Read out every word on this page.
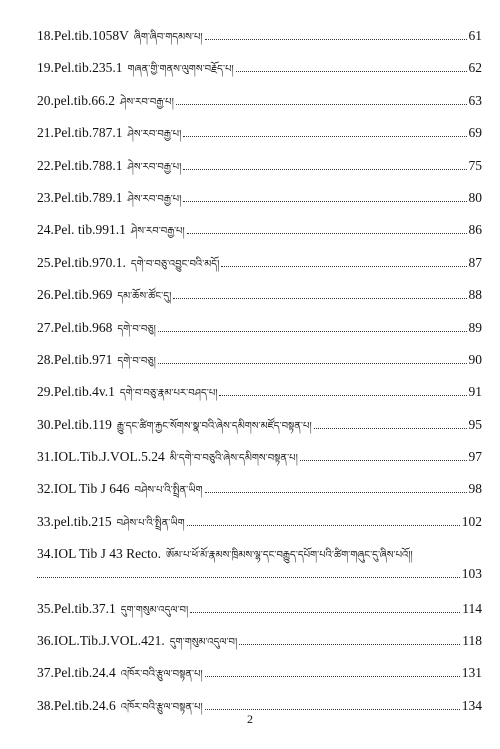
18.Pel.tib.1058V ཞིག་ཞིབ་གདམས་པ།	61
19.Pel.tib.235.1 གཞན་གྱི་གནས་ལུགས་བརྗོད་པ།	62
20.pel.tib.66.2 ཤེས་རབ་བརྒྱ་པ།	63
21.Pel.tib.787.1 ཤེས་རབ་བརྒྱ་པ།	69
22.Pel.tib.788.1 ཤེས་རབ་བརྒྱ་པ།	75
23.Pel.tib.789.1 ཤེས་རབ་བརྒྱ་པ།	80
24.Pel. tib.991.1 ཤེས་རབ་བརྒྱ་པ།	86
25.Pel.tib.970.1. དགེ་བ་བཅུ་འབྱུང་བའི་མདོ།	87
26.Pel.tib.969 དམ་ཆོས་ཚོང་དུ།	88
27.Pel.tib.968 དགེ་བ་བཅུ།	89
28.Pel.tib.971 དགེ་བ་བཅུ།	90
29.Pel.tib.4v.1 དགེ་བ་བཅུ་རྣམ་པར་བཤད་པ།	91
30.Pel.tib.119 རྒྱུ་དང་ཚིག་རྐྱང་སོགས་སྣ་བའི་ཞེས་དམིགས་མཛོད་བསྟན་པ།	95
31.IOL.Tib.J.VOL.5.24 མི་དགེ་བ་བཅུའི་ཞེས་དམིགས་བསྟན་པ།	97
32.IOL Tib J 646 བཤེས་པ་འི་སྤྲིན་ཡིག	98
33.pel.tib.215 བཤེས་པ་འི་སྤྲིན་ཡིག	102
34.IOL Tib J 43 Recto. ཨོམ་པ་ཕོ་མོ་རྣམས་ཁྲིམས་ལྷ་དང་བརྒྱུད་དཔོག་པའི་ཚིག་གཞུང་དུ་ཞིས་པའོ།།
103
35.Pel.tib.37.1 དུག་གསུམ་འདུལ་བ།	114
36.IOL.Tib.J.VOL.421. དུག་གསུམ་འདུལ་བ།	118
37.Pel.tib.24.4 འཁོར་བའི་རྩུལ་བསྟན་པ།	131
38.Pel.tib.24.6 འཁོར་བའི་རྩུལ་བསྟན་པ།	134
2
